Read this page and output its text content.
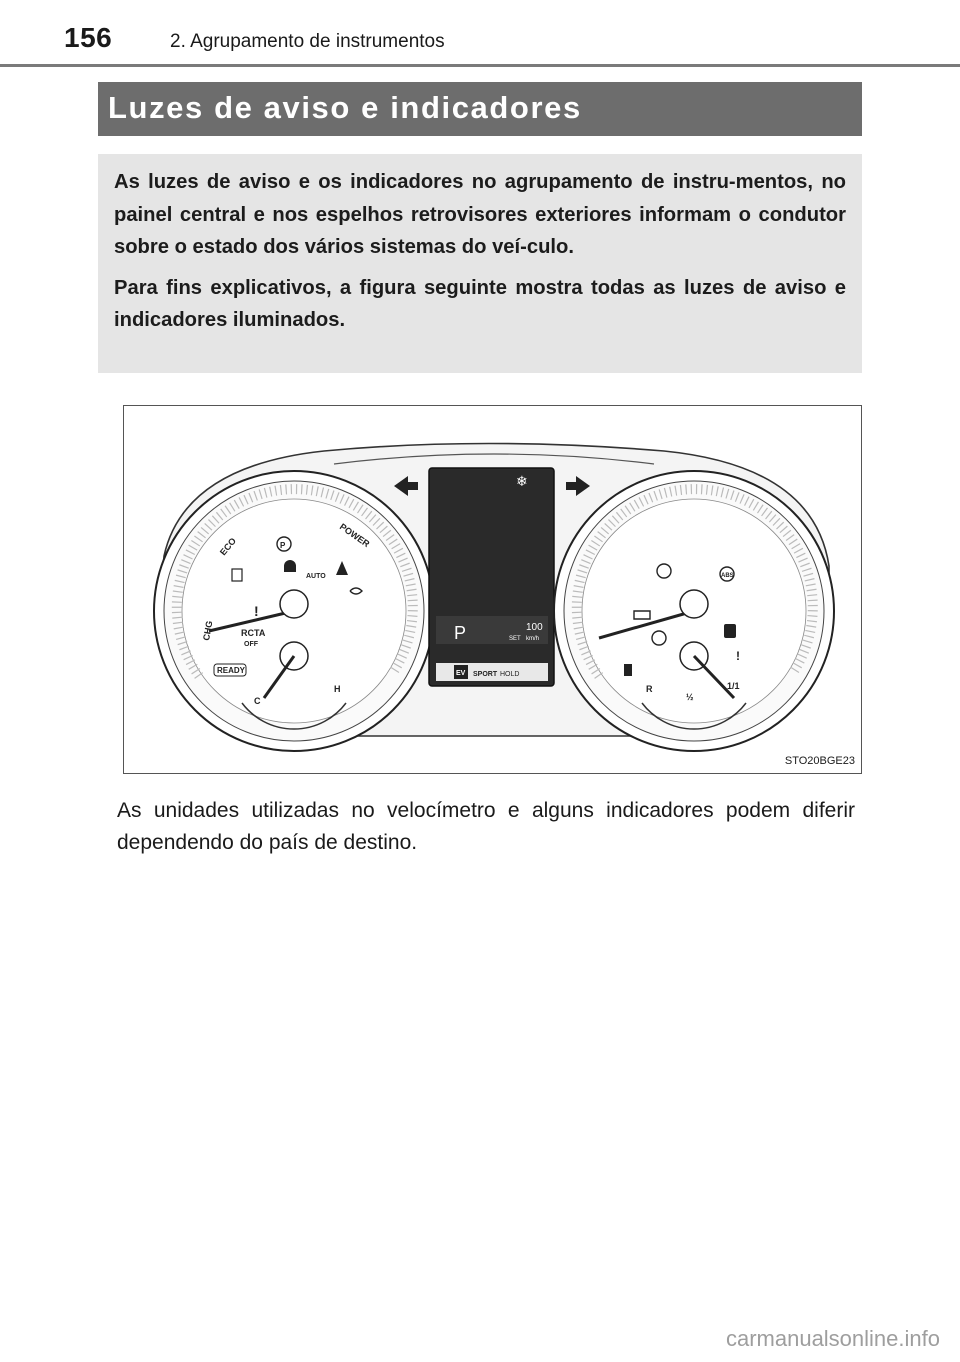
156	2. Agrupamento de instrumentos
Luzes de aviso e indicadores

As luzes de aviso e os indicadores no agrupamento de instru-mentos, no painel central e nos espelhos retrovisores exteriores informam o condutor sobre o estado dos vários sistemas do veí-culo.

Para fins explicativos, a figura seguinte mostra todas as luzes de aviso e indicadores iluminados.

ECO	POWER
CHG
READY
RCTA
OFF
AUTO
C
H
P
!
P	100
SET km/h
EV SPORT HOLD
❄
ABS
!
R
½
1/1
STO20BGE23

As unidades utilizadas no velocímetro e alguns indicadores podem diferir dependendo do país de destino.

carmanualsonline.info
